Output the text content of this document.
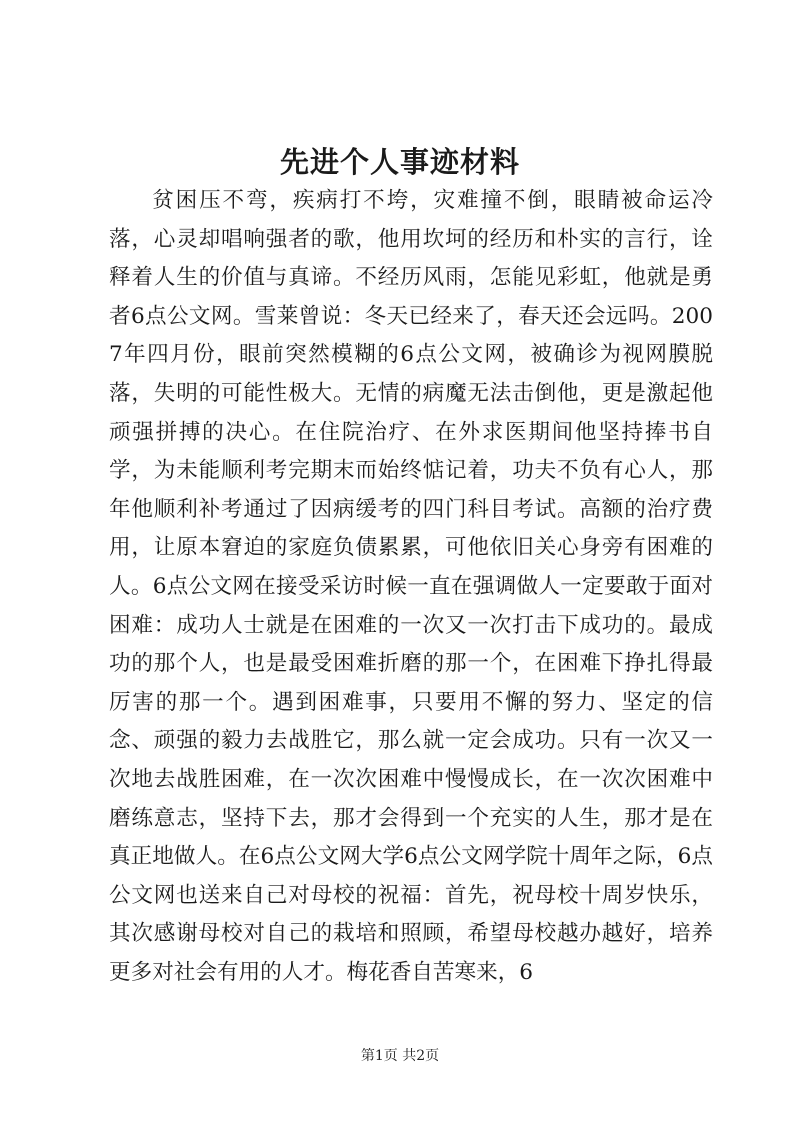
先进个人事迹材料

贫困压不弯，疾病打不垮，灾难撞不倒，眼睛被命运冷落，心灵却唱响强者的歌，他用坎坷的经历和朴实的言行，诠释着人生的价值与真谛。不经历风雨，怎能见彩虹，他就是勇者6点公文网。雪莱曾说：冬天已经来了，春天还会远吗。2007年四月份，眼前突然模糊的6点公文网，被确诊为视网膜脱落，失明的可能性极大。无情的病魔无法击倒他，更是激起他顽强拼搏的决心。在住院治疗、在外求医期间他坚持捧书自学，为未能顺利考完期末而始终惦记着，功夫不负有心人，那年他顺利补考通过了因病缓考的四门科目考试。高额的治疗费用，让原本窘迫的家庭负债累累，可他依旧关心身旁有困难的人。6点公文网在接受采访时候一直在强调做人一定要敢于面对困难：成功人士就是在困难的一次又一次打击下成功的。最成功的那个人，也是最受困难折磨的那一个，在困难下挣扎得最厉害的那一个。遇到困难事，只要用不懈的努力、坚定的信念、顽强的毅力去战胜它，那么就一定会成功。只有一次又一次地去战胜困难，在一次次困难中慢慢成长，在一次次困难中磨练意志，坚持下去，那才会得到一个充实的人生，那才是在真正地做人。在6点公文网大学6点公文网学院十周年之际，6点公文网也送来自己对母校的祝福：首先，祝母校十周岁快乐，其次感谢母校对自己的栽培和照顾，希望母校越办越好，培养更多对社会有用的人才。梅花香自苦寒来，6

第1页 共2页
